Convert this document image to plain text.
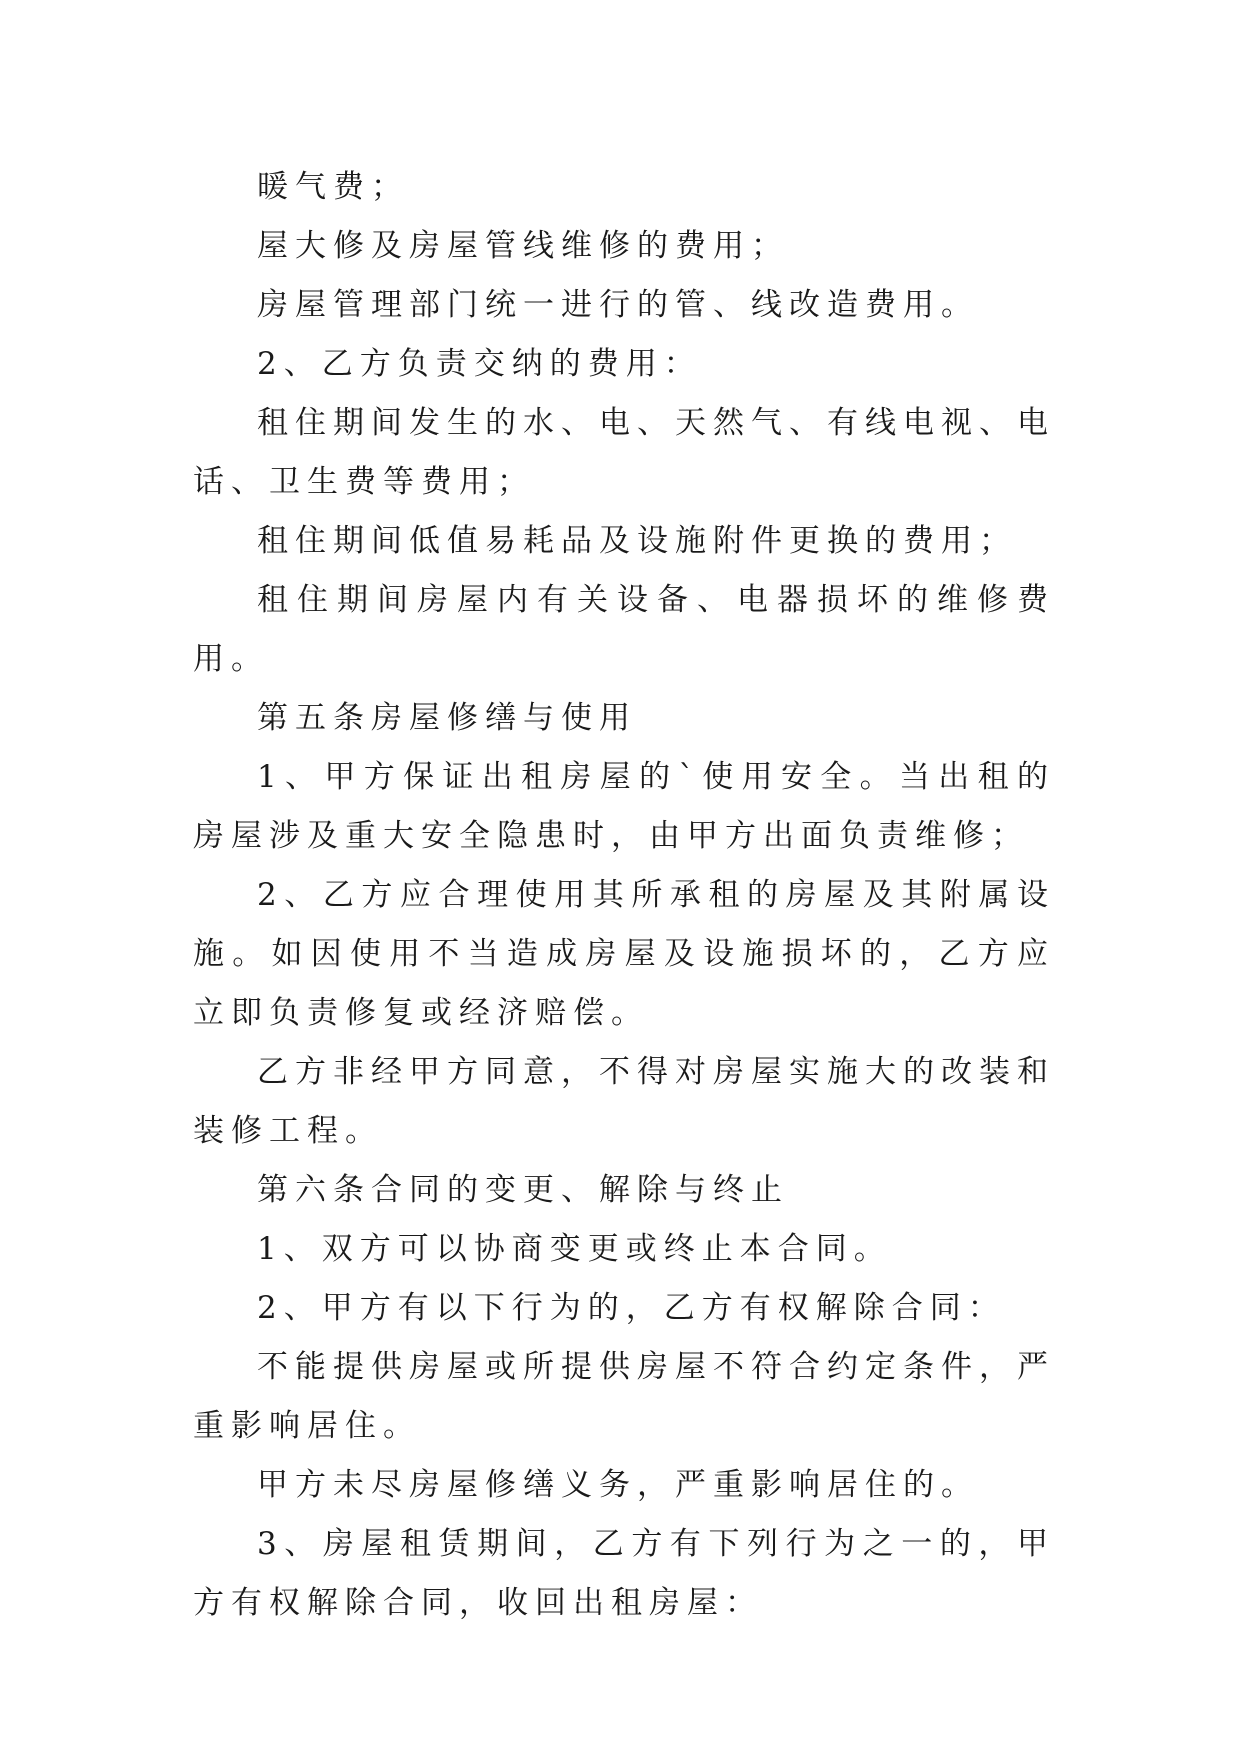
暖气费；

屋大修及房屋管线维修的费用；

房屋管理部门统一进行的管、线改造费用。

2、乙方负责交纳的费用：

租住期间发生的水、电、天然气、有线电视、电话、卫生费等费用；

租住期间低值易耗品及设施附件更换的费用；

租住期间房屋内有关设备、电器损坏的维修费用。

第五条房屋修缮与使用

1、甲方保证出租房屋的`使用安全。当出租的房屋涉及重大安全隐患时，由甲方出面负责维修；

2、乙方应合理使用其所承租的房屋及其附属设施。如因使用不当造成房屋及设施损坏的，乙方应立即负责修复或经济赔偿。

乙方非经甲方同意，不得对房屋实施大的改装和装修工程。

第六条合同的变更、解除与终止

1、双方可以协商变更或终止本合同。

2、甲方有以下行为的，乙方有权解除合同：

不能提供房屋或所提供房屋不符合约定条件，严重影响居住。

甲方未尽房屋修缮义务，严重影响居住的。

3、房屋租赁期间，乙方有下列行为之一的，甲方有权解除合同，收回出租房屋：
